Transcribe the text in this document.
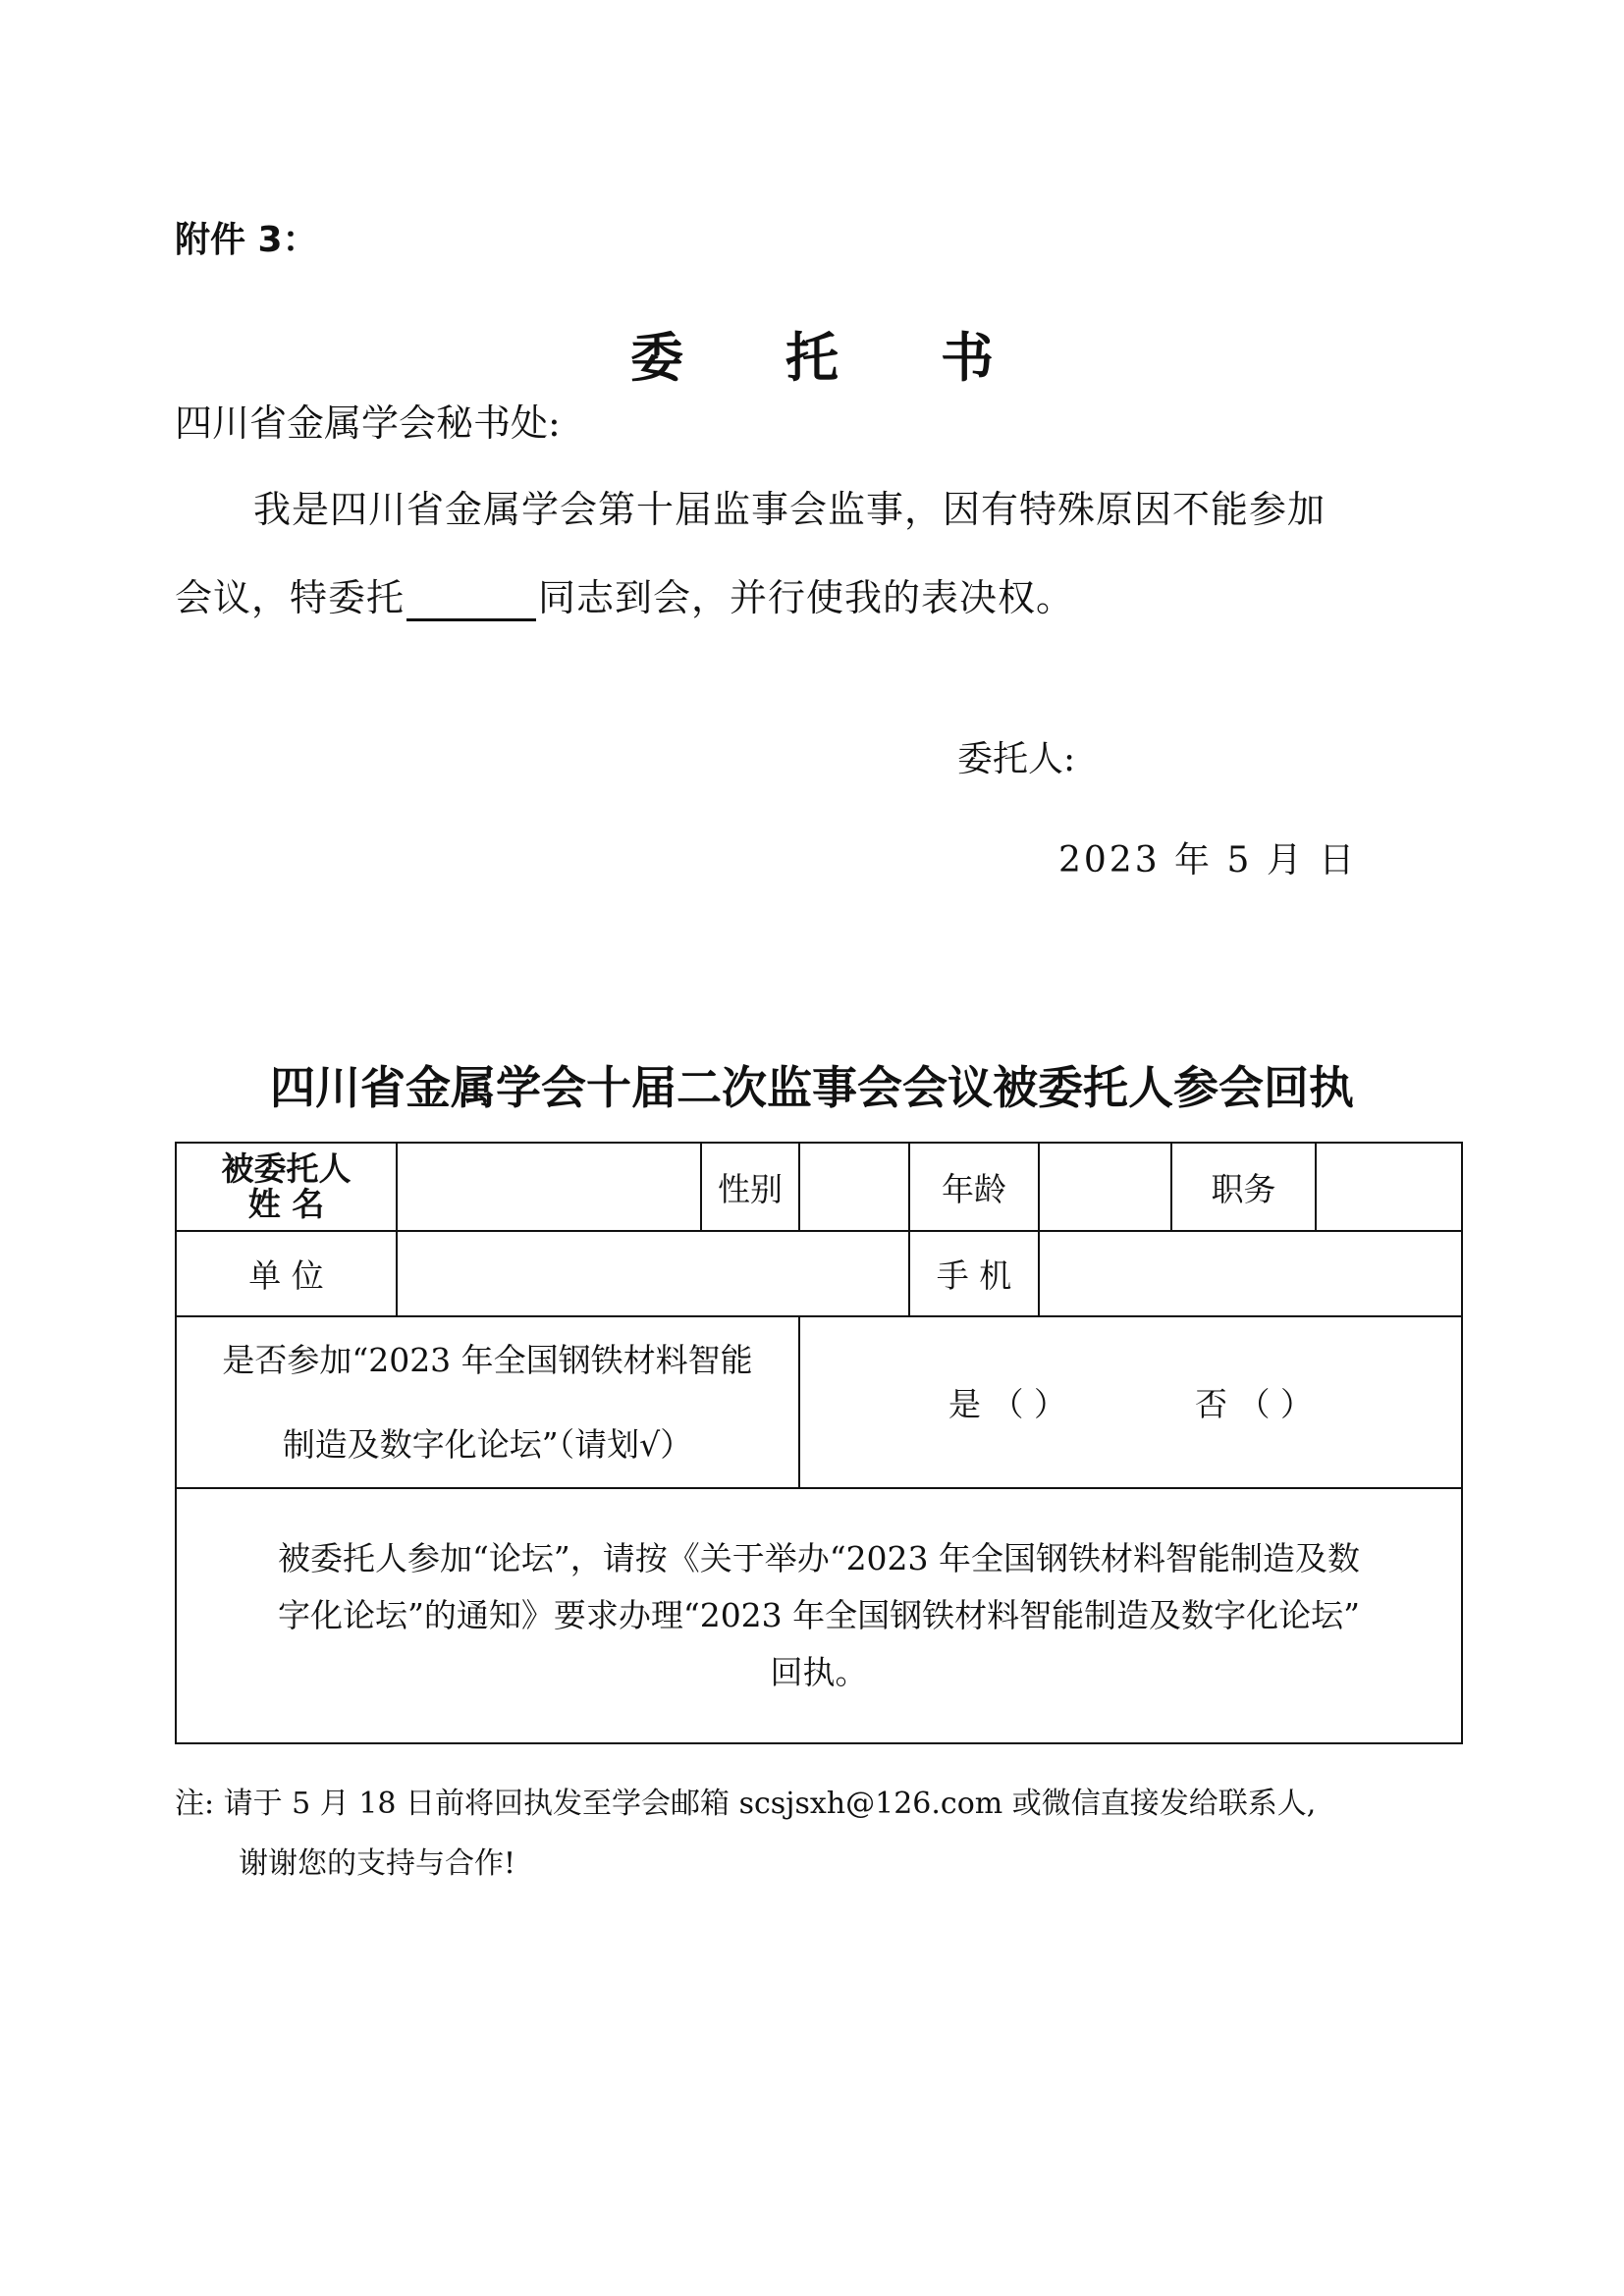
附件 3：
委 托 书
四川省金属学会秘书处:
我是四川省金属学会第十届监事会监事，因有特殊原因不能参加
会议，特委托	同志到会，并行使我的表决权。
委托人:
2023 年 5 月 日
四川省金属学会十届二次监事会会议被委托人参会回执
被委托人
姓 名		性别		年龄		职务	
单 位				手 机			

是否参加“2023 年全国钢铁材料智能
制造及数字化论坛”（请划√）			是 （ ） 否 （ ）				

被委托人参加“论坛”，请按《关于举办“2023 年全国钢铁材料智能制造及数
字化论坛”的通知》要求办理“2023 年全国钢铁材料智能制造及数字化论坛”
回执。							
注: 请于 5 月 18 日前将回执发至学会邮箱 scsjsxh@126.com 或微信直接发给联系人,
谢谢您的支持与合作!
